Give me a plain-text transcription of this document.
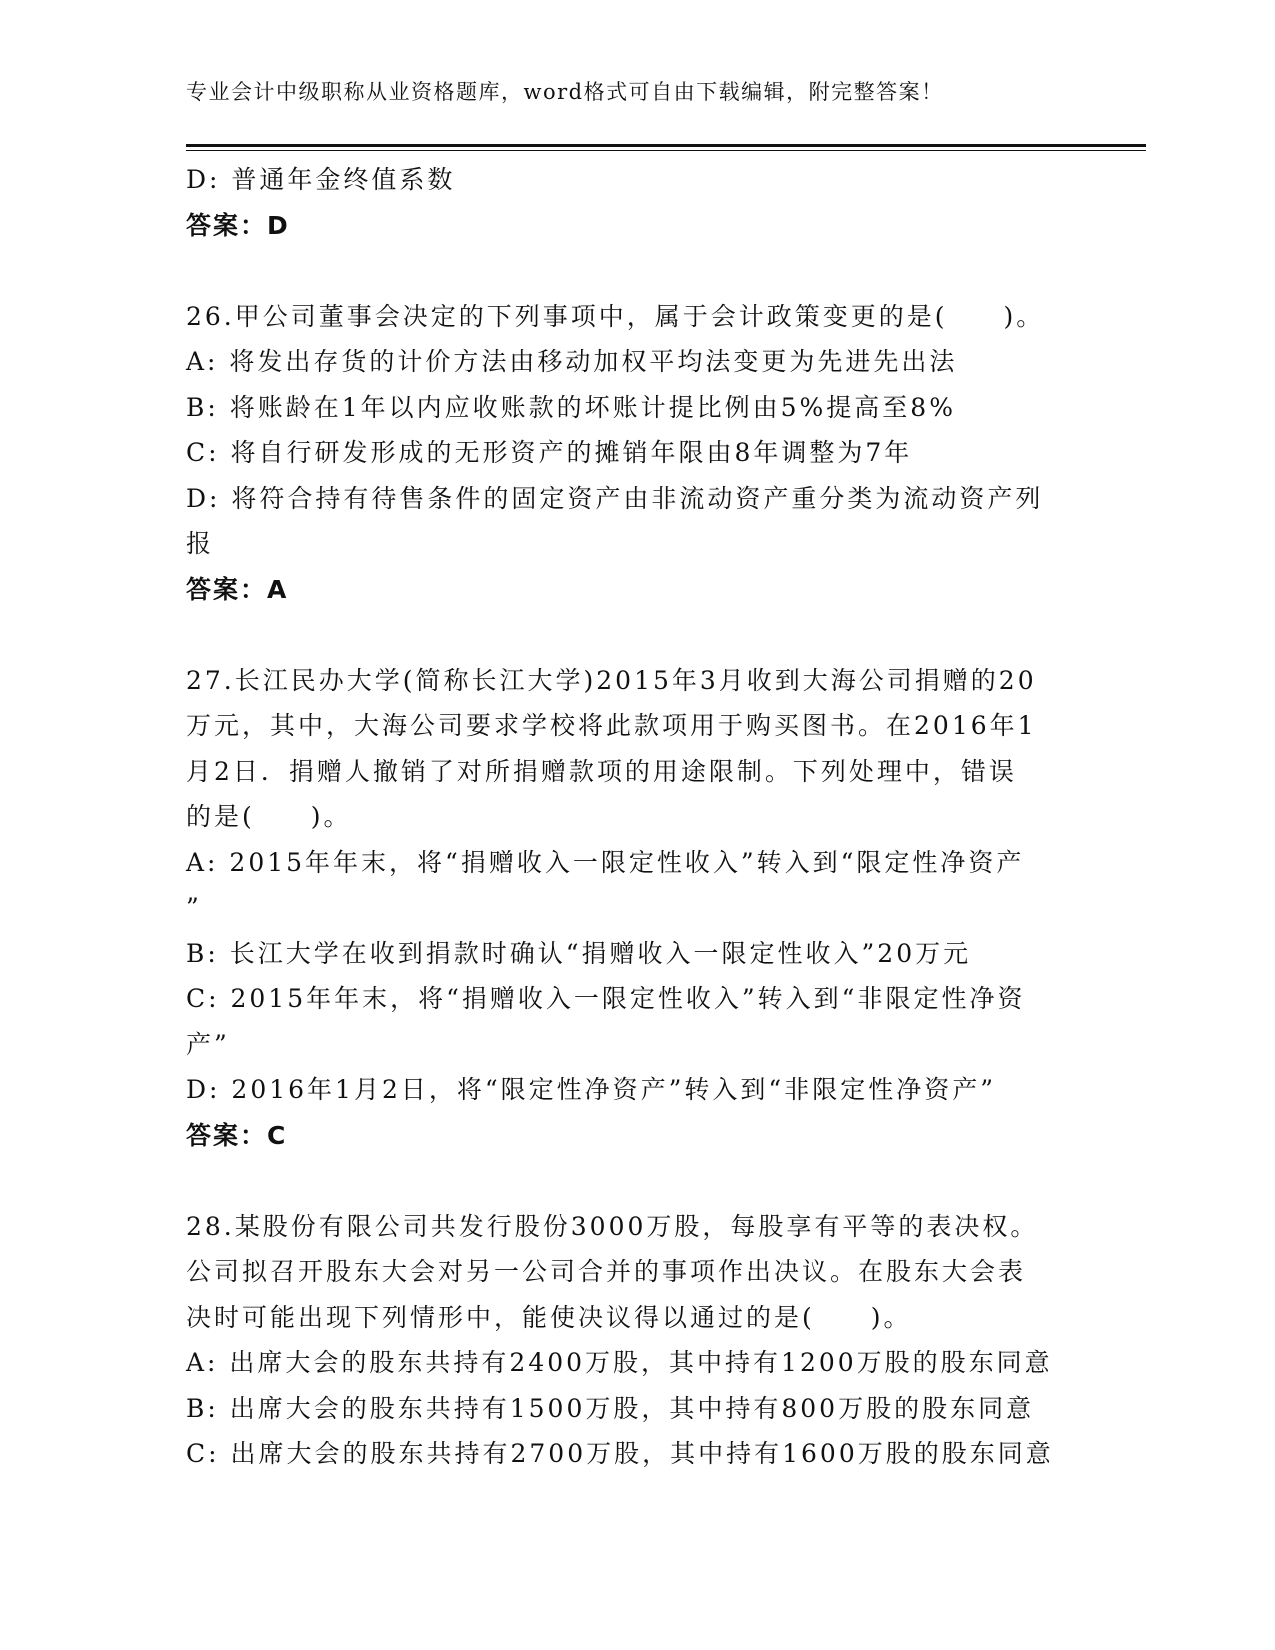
专业会计中级职称从业资格题库，word格式可自由下载编辑，附完整答案！
D: 普通年金终值系数
答案：D
26.甲公司董事会决定的下列事项中，属于会计政策变更的是(　　)。
A: 将发出存货的计价方法由移动加权平均法变更为先进先出法
B: 将账龄在1年以内应收账款的坏账计提比例由5%提高至8%
C: 将自行研发形成的无形资产的摊销年限由8年调整为7年
D: 将符合持有待售条件的固定资产由非流动资产重分类为流动资产列
报
答案：A
27.长江民办大学(简称长江大学)2015年3月收到大海公司捐赠的20
万元，其中，大海公司要求学校将此款项用于购买图书。在2016年1
月2日．捐赠人撤销了对所捐赠款项的用途限制。下列处理中，错误
的是(　　)。
A: 2015年年末，将“捐赠收入一限定性收入”转入到“限定性净资产
”
B: 长江大学在收到捐款时确认“捐赠收入一限定性收入”20万元
C: 2015年年末，将“捐赠收入一限定性收入”转入到“非限定性净资
产”
D: 2016年1月2日，将“限定性净资产”转入到“非限定性净资产”
答案：C
28.某股份有限公司共发行股份3000万股，每股享有平等的表决权。
公司拟召开股东大会对另一公司合并的事项作出决议。在股东大会表
决时可能出现下列情形中，能使决议得以通过的是(　　)。
A: 出席大会的股东共持有2400万股，其中持有1200万股的股东同意
B: 出席大会的股东共持有1500万股，其中持有800万股的股东同意
C: 出席大会的股东共持有2700万股，其中持有1600万股的股东同意
